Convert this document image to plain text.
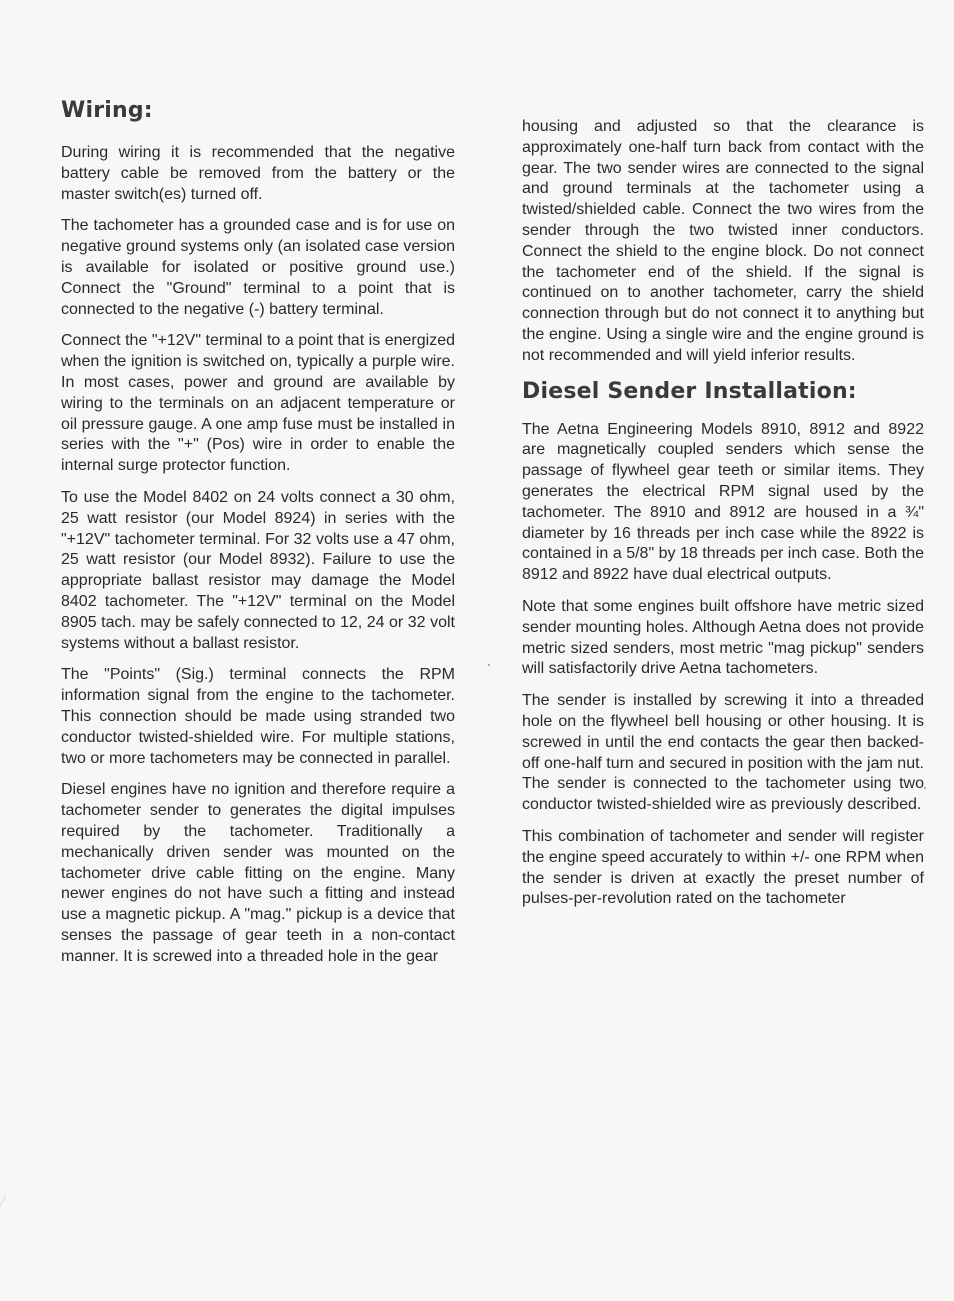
Wiring:

During wiring it is recommended that the negative battery cable be removed from the battery or the master switch(es) turned off.

The tachometer has a grounded case and is for use on negative ground systems only (an isolated case version is available for isolated or positive ground use.) Connect the "Ground" terminal to a point that is connected to the negative (-) battery terminal.

Connect the "+12V" terminal to a point that is energized when the ignition is switched on, typically a purple wire. In most cases, power and ground are available by wiring to the terminals on an adjacent temperature or oil pressure gauge. A one amp fuse must be installed in series with the "+" (Pos) wire in order to enable the internal surge protector function.

To use the Model 8402 on 24 volts connect a 30 ohm, 25 watt resistor (our Model 8924) in series with the "+12V" tachometer terminal. For 32 volts use a 47 ohm, 25 watt resistor (our Model 8932). Failure to use the appropriate ballast resistor may damage the Model 8402 tachometer. The "+12V" terminal on the Model 8905 tach. may be safely connected to 12, 24 or 32 volt systems without a ballast resistor.

The "Points" (Sig.) terminal connects the RPM information signal from the engine to the tachometer. This connection should be made using stranded two conductor twisted-shielded wire. For multiple stations, two or more tachometers may be connected in parallel.

Diesel engines have no ignition and therefore require a tachometer sender to generates the digital impulses required by the tachometer. Traditionally a mechanically driven sender was mounted on the tachometer drive cable fitting on the engine. Many newer engines do not have such a fitting and instead use a magnetic pickup. A "mag." pickup is a device that senses the passage of gear teeth in a non-contact manner. It is screwed into a threaded hole in the gear

housing and adjusted so that the clearance is approximately one-half turn back from contact with the gear. The two sender wires are connected to the signal and ground terminals at the tachometer using a twisted/shielded cable. Connect the two wires from the sender through the two twisted inner conductors. Connect the shield to the engine block. Do not connect the tachometer end of the shield. If the signal is continued on to another tachometer, carry the shield connection through but do not connect it to anything but the engine. Using a single wire and the engine ground is not recommended and will yield inferior results.

Diesel Sender Installation:

The Aetna Engineering Models 8910, 8912 and 8922 are magnetically coupled senders which sense the passage of flywheel gear teeth or similar items. They generates the electrical RPM signal used by the tachometer. The 8910 and 8912 are housed in a ¾" diameter by 16 threads per inch case while the 8922 is contained in a 5/8" by 18 threads per inch case. Both the 8912 and 8922 have dual electrical outputs.

Note that some engines built offshore have metric sized sender mounting holes. Although Aetna does not provide metric sized senders, most metric "mag pickup" senders will satisfactorily drive Aetna tachometers.

The sender is installed by screwing it into a threaded hole on the flywheel bell housing or other housing. It is screwed in until the end contacts the gear then backed-off one-half turn and secured in position with the jam nut. The sender is connected to the tachometer using two conductor twisted-shielded wire as previously described.

This combination of tachometer and sender will register the engine speed accurately to within +/- one RPM when the sender is driven at exactly the preset number of pulses-per-revolution rated on the tachometer
